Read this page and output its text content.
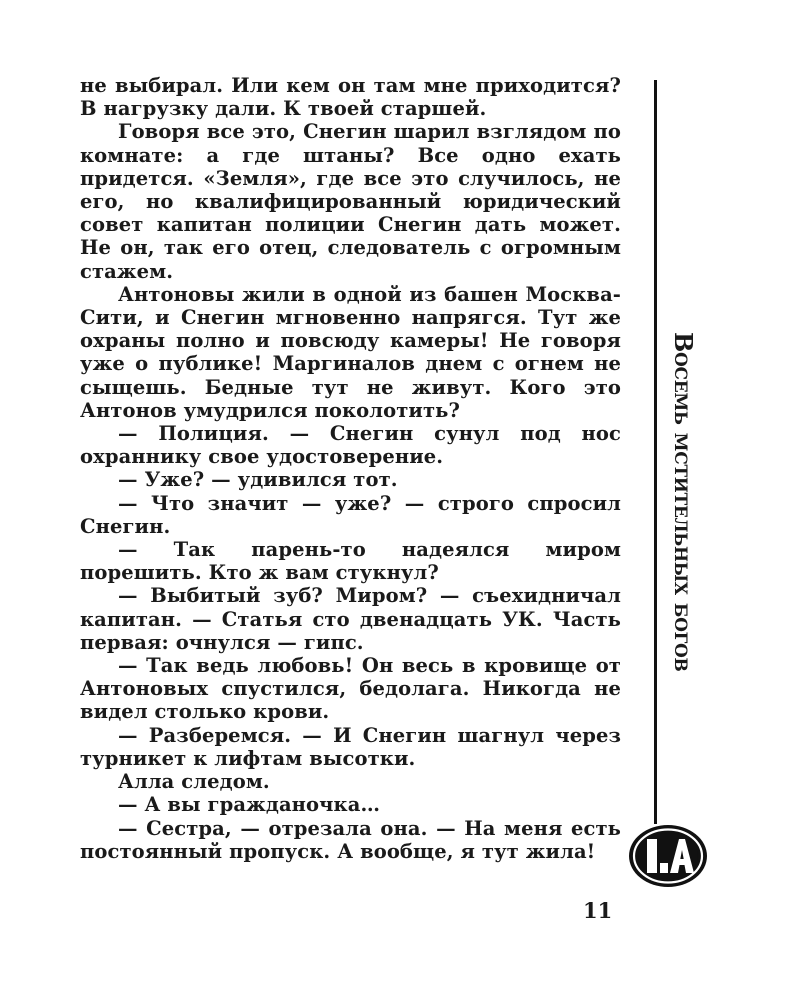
не выбирал. Или кем он там мне приходится? В нагрузку дали. К твоей старшей.

Говоря все это, Снегин шарил взглядом по комнате: а где штаны? Все одно ехать придется. «Земля», где все это случилось, не его, но квалифицированный юридический совет капитан полиции Снегин дать может. Не он, так его отец, следователь с огромным стажем.

Антоновы жили в одной из башен Москва-Сити, и Снегин мгновенно напрягся. Тут же охраны полно и повсюду камеры! Не говоря уже о публике! Маргиналов днем с огнем не сыщешь. Бедные тут не живут. Кого это Антонов умудрился поколотить?

— Полиция. — Снегин сунул под нос охраннику свое удостоверение.

— Уже? — удивился тот.

— Что значит — уже? — строго спросил Снегин.

— Так парень-то надеялся миром порешить. Кто ж вам стукнул?

— Выбитый зуб? Миром? — съехидничал капитан. — Статья сто двенадцать УК. Часть первая: очнулся — гипс.

— Так ведь любовь! Он весь в кровище от Антоновых спустился, бедолага. Никогда не видел столько крови.

— Разберемся. — И Снегин шагнул через турникет к лифтам высотки.

Алла следом.

— А вы гражданочка…

— Сестра, — отрезала она. — На меня есть постоянный пропуск. А вообще, я тут жила!

Восемь мстительных богов
11
